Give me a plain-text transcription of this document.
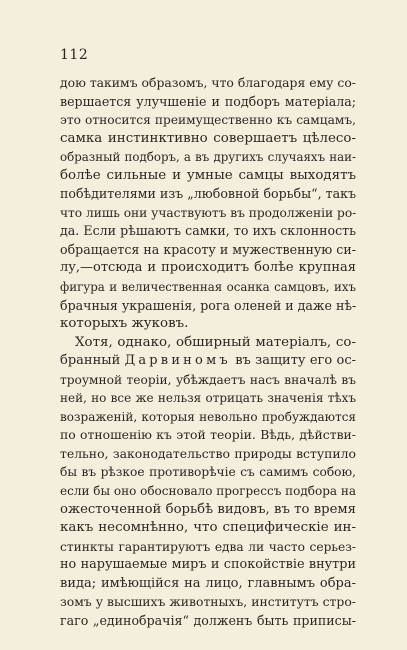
112
дою такимъ образомъ, что благодаря ему со-
вершается улучшеніе и подборъ матеріала;
это относится преимущественно къ самцамъ,
самка инстинктивно совершаетъ цѣлесо-
образный подборъ, а въ другихъ случаяхъ наи-
болѣе сильные и умные самцы выходятъ
побѣдителями изъ „любовной борьбы“, такъ
что лишь они участвуютъ въ продолженіи ро-
да. Если рѣшаютъ самки, то ихъ склонность
обращается на красоту и мужественную си-
лу,—отсюда и происходитъ болѣе крупная
фигура и величественная осанка самцовъ, ихъ
брачныя украшенія, рога оленей и даже нѣ-
которыхъ жуковъ.
Хотя, однако, обширный матеріалъ, со-
бранный Дарвиномъ въ защиту его ос-
троумной теоріи, убѣждаетъ насъ вначалѣ въ
ней, но все же нельзя отрицать значенія тѣхъ
возраженій, которыя невольно пробуждаются
по отношенію къ этой теоріи. Вѣдь, дѣйстви-
тельно, законодательство природы вступило
бы въ рѣзкое противорѣчіе съ самимъ собою,
если бы оно обосновало прогрессъ подбора на
ожесточенной борьбѣ видовъ, въ то время
какъ несомнѣнно, что специфическіе ин-
стинкты гарантируютъ едва ли часто серьез-
но нарушаемые миръ и спокойствіе внутри
вида; имѣющійся на лицо, главнымъ обра-
зомъ у высшихъ животныхъ, институтъ стро-
гаго „единобрачія“ долженъ быть приписы-
